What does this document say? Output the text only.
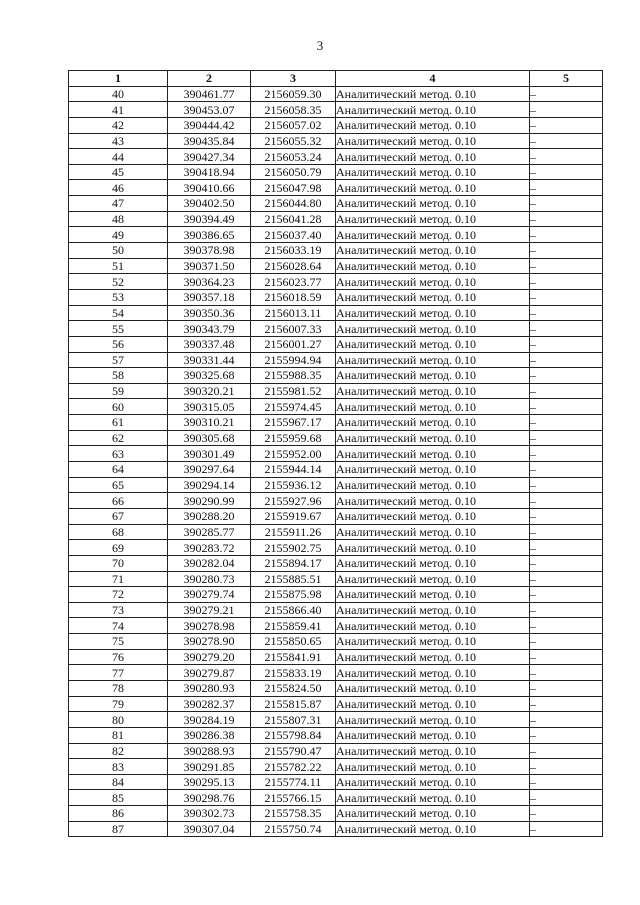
3
1	2	3	4	5
40	390461.77	2156059.30	Аналитический метод. 0.10	–
41	390453.07	2156058.35	Аналитический метод. 0.10	–
42	390444.42	2156057.02	Аналитический метод. 0.10	–
43	390435.84	2156055.32	Аналитический метод. 0.10	–
44	390427.34	2156053.24	Аналитический метод. 0.10	–
45	390418.94	2156050.79	Аналитический метод. 0.10	–
46	390410.66	2156047.98	Аналитический метод. 0.10	–
47	390402.50	2156044.80	Аналитический метод. 0.10	–
48	390394.49	2156041.28	Аналитический метод. 0.10	–
49	390386.65	2156037.40	Аналитический метод. 0.10	–
50	390378.98	2156033.19	Аналитический метод. 0.10	–
51	390371.50	2156028.64	Аналитический метод. 0.10	–
52	390364.23	2156023.77	Аналитический метод. 0.10	–
53	390357.18	2156018.59	Аналитический метод. 0.10	–
54	390350.36	2156013.11	Аналитический метод. 0.10	–
55	390343.79	2156007.33	Аналитический метод. 0.10	–
56	390337.48	2156001.27	Аналитический метод. 0.10	–
57	390331.44	2155994.94	Аналитический метод. 0.10	–
58	390325.68	2155988.35	Аналитический метод. 0.10	–
59	390320.21	2155981.52	Аналитический метод. 0.10	–
60	390315.05	2155974.45	Аналитический метод. 0.10	–
61	390310.21	2155967.17	Аналитический метод. 0.10	–
62	390305.68	2155959.68	Аналитический метод. 0.10	–
63	390301.49	2155952.00	Аналитический метод. 0.10	–
64	390297.64	2155944.14	Аналитический метод. 0.10	–
65	390294.14	2155936.12	Аналитический метод. 0.10	–
66	390290.99	2155927.96	Аналитический метод. 0.10	–
67	390288.20	2155919.67	Аналитический метод. 0.10	–
68	390285.77	2155911.26	Аналитический метод. 0.10	–
69	390283.72	2155902.75	Аналитический метод. 0.10	–
70	390282.04	2155894.17	Аналитический метод. 0.10	–
71	390280.73	2155885.51	Аналитический метод. 0.10	–
72	390279.74	2155875.98	Аналитический метод. 0.10	–
73	390279.21	2155866.40	Аналитический метод. 0.10	–
74	390278.98	2155859.41	Аналитический метод. 0.10	–
75	390278.90	2155850.65	Аналитический метод. 0.10	–
76	390279.20	2155841.91	Аналитический метод. 0.10	–
77	390279.87	2155833.19	Аналитический метод. 0.10	–
78	390280.93	2155824.50	Аналитический метод. 0.10	–
79	390282.37	2155815.87	Аналитический метод. 0.10	–
80	390284.19	2155807.31	Аналитический метод. 0.10	–
81	390286.38	2155798.84	Аналитический метод. 0.10	–
82	390288.93	2155790.47	Аналитический метод. 0.10	–
83	390291.85	2155782.22	Аналитический метод. 0.10	–
84	390295.13	2155774.11	Аналитический метод. 0.10	–
85	390298.76	2155766.15	Аналитический метод. 0.10	–
86	390302.73	2155758.35	Аналитический метод. 0.10	–
87	390307.04	2155750.74	Аналитический метод. 0.10	–
